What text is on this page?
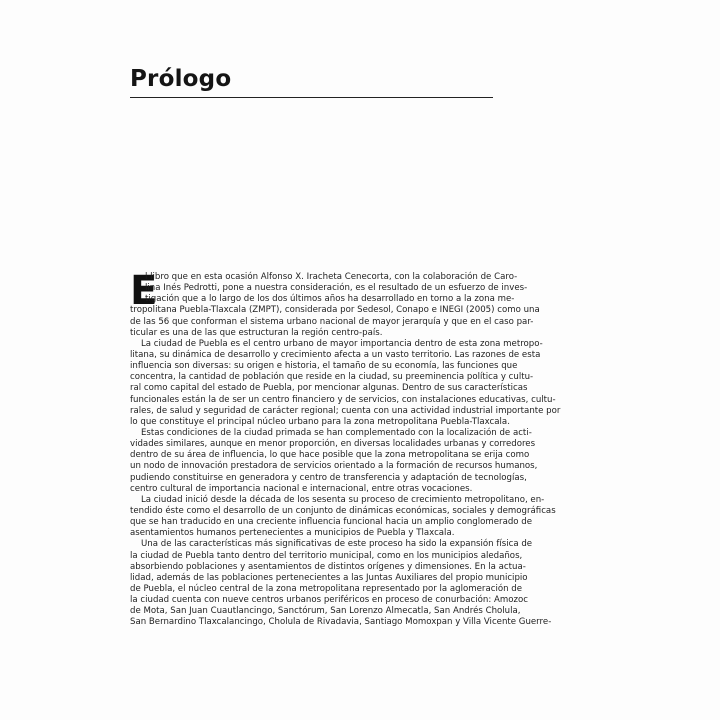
Prólogo
E
l libro que en esta ocasión Alfonso X. Iracheta Cenecorta, con la colaboración de Caro-
lina Inés Pedrotti, pone a nuestra consideración, es el resultado de un esfuerzo de inves-
tigación que a lo largo de los dos últimos años ha desarrollado en torno a la zona me-
tropolitana Puebla-Tlaxcala (ZMPT), considerada por Sedesol, Conapo e INEGI (2005) como una
de las 56 que conforman el sistema urbano nacional de mayor jerarquía y que en el caso par-
ticular es una de las que estructuran la región centro-país.
La ciudad de Puebla es el centro urbano de mayor importancia dentro de esta zona metropo-
litana, su dinámica de desarrollo y crecimiento afecta a un vasto territorio. Las razones de esta
influencia son diversas: su origen e historia, el tamaño de su economía, las funciones que
concentra, la cantidad de población que reside en la ciudad, su preeminencia política y cultu-
ral como capital del estado de Puebla, por mencionar algunas. Dentro de sus características
funcionales están la de ser un centro financiero y de servicios, con instalaciones educativas, cultu-
rales, de salud y seguridad de carácter regional; cuenta con una actividad industrial importante por
lo que constituye el principal núcleo urbano para la zona metropolitana Puebla-Tlaxcala.
Estas condiciones de la ciudad primada se han complementado con la localización de acti-
vidades similares, aunque en menor proporción, en diversas localidades urbanas y corredores
dentro de su área de influencia, lo que hace posible que la zona metropolitana se erija como
un nodo de innovación prestadora de servicios orientado a la formación de recursos humanos,
pudiendo constituirse en generadora y centro de transferencia y adaptación de tecnologías,
centro cultural de importancia nacional e internacional, entre otras vocaciones.
La ciudad inició desde la década de los sesenta su proceso de crecimiento metropolitano, en-
tendido éste como el desarrollo de un conjunto de dinámicas económicas, sociales y demográficas
que se han traducido en una creciente influencia funcional hacia un amplio conglomerado de
asentamientos humanos pertenecientes a municipios de Puebla y Tlaxcala.
Una de las características más significativas de este proceso ha sido la expansión física de
la ciudad de Puebla tanto dentro del territorio municipal, como en los municipios aledaños,
absorbiendo poblaciones y asentamientos de distintos orígenes y dimensiones. En la actua-
lidad, además de las poblaciones pertenecientes a las Juntas Auxiliares del propio municipio
de Puebla, el núcleo central de la zona metropolitana representado por la aglomeración de
la ciudad cuenta con nueve centros urbanos periféricos en proceso de conurbación: Amozoc
de Mota, San Juan Cuautlancingo, Sanctórum, San Lorenzo Almecatla, San Andrés Cholula,
San Bernardino Tlaxcalancingo, Cholula de Rivadavia, Santiago Momoxpan y Villa Vicente Guerre-
